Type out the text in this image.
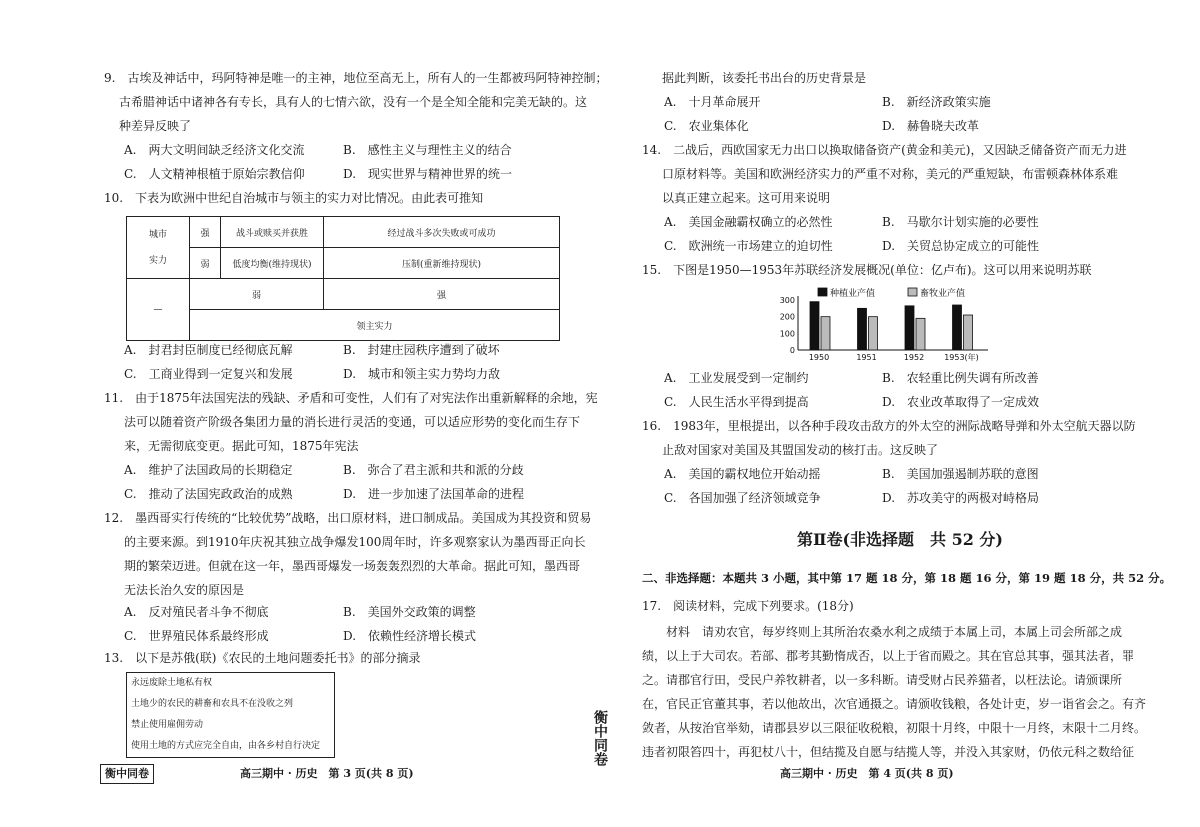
9.　古埃及神话中，玛阿特神是唯一的主神，地位至高无上，所有人的一生都被玛阿特神控制；
古希腊神话中诸神各有专长，具有人的七情六欲，没有一个是全知全能和完美无缺的。这
种差异反映了
A.　两大文明间缺乏经济文化交流	B.　感性主义与理性主义的结合
C.　人文精神根植于原始宗教信仰	D.　现实世界与精神世界的统一
10.　下表为欧洲中世纪自治城市与领主的实力对比情况。由此表可推知
城市
实力	强	战斗或赎买并获胜	经过战斗多次失败或可成功
	弱	低度均衡(维持现状)	压制(重新维持现状)
—	弱		强
	领主实力		
A.　封君封臣制度已经彻底瓦解	B.　封建庄园秩序遭到了破坏
C.　工商业得到一定复兴和发展	D.　城市和领主实力势均力敌
11.　由于1875年法国宪法的残缺、矛盾和可变性，人们有了对宪法作出重新解释的余地，宪
法可以随着资产阶级各集团力量的消长进行灵活的变通，可以适应形势的变化而生存下
来，无需彻底变更。据此可知，1875年宪法
A.　维护了法国政局的长期稳定	B.　弥合了君主派和共和派的分歧
C.　推动了法国宪政政治的成熟	D.　进一步加速了法国革命的进程
12.　墨西哥实行传统的“比较优势”战略，出口原材料，进口制成品。美国成为其投资和贸易
的主要来源。到1910年庆祝其独立战争爆发100周年时，许多观察家认为墨西哥正向长
期的繁荣迈进。但就在这一年，墨西哥爆发一场轰轰烈烈的大革命。据此可知，墨西哥
无法长治久安的原因是
A.　反对殖民者斗争不彻底	B.　美国外交政策的调整
C.　世界殖民体系最终形成	D.　依赖性经济增长模式
13.　以下是苏俄(联)《农民的土地问题委托书》的部分摘录
永远废除土地私有权
土地少的农民的耕畜和农具不在没收之列
禁止使用雇佣劳动
使用土地的方式应完全自由，由各乡村自行决定
衡中同卷	高三期中 · 历史　第 3 页(共 8 页)
衡中同卷
据此判断，该委托书出台的历史背景是
A.　十月革命展开	B.　新经济政策实施
C.　农业集体化	D.　赫鲁晓夫改革
14.　二战后，西欧国家无力出口以换取储备资产(黄金和美元)，又因缺乏储备资产而无力进
口原材料等。美国和欧洲经济实力的严重不对称，美元的严重短缺，布雷顿森林体系难
以真正建立起来。这可用来说明
A.　美国金融霸权确立的必然性	B.　马歇尔计划实施的必要性
C.　欧洲统一市场建立的迫切性	D.　关贸总协定成立的可能性
15.　下图是1950—1953年苏联经济发展概况(单位：亿卢布)。这可以用来说明苏联
种植业产值	畜牧业产值
300
200
100
0
1950	1951	1952	1953(年)
A.　工业发展受到一定制约	B.　农轻重比例失调有所改善
C.　人民生活水平得到提高	D.　农业改革取得了一定成效
16.　1983年，里根提出，以各种手段攻击敌方的外太空的洲际战略导弹和外太空航天器以防
止敌对国家对美国及其盟国发动的核打击。这反映了
A.　美国的霸权地位开始动摇	B.　美国加强遏制苏联的意图
C.　各国加强了经济领域竞争	D.　苏攻美守的两极对峙格局
第Ⅱ卷(非选择题　共 52 分)
二、非选择题：本题共 3 小题，其中第 17 题 18 分，第 18 题 16 分，第 19 题 18 分，共 52 分。
17.　阅读材料，完成下列要求。(18分)
　　材料　请劝农官，每岁终则上其所治农桑水利之成绩于本属上司，本属上司会所部之成
绩，以上于大司农。若部、郡考其勤惰成否，以上于省而殿之。其在官总其事，强其法者，罪
之。请郡官行田，受民户养牧耕者，以一多科断。请受财占民养猫者，以枉法论。请颁课所
在，官民正官董其事，若以他故出，次官通摄之。请颁收钱粮，各处计吏，岁一诣省会之。有齐
敛者，从按治官举劾，请郡县岁以三限征收税粮，初限十月终，中限十一月终，末限十二月终。
违者初限笞四十，再犯杖八十，但结揽及自愿与结揽人等，并没入其家财，仍依元科之数给征
高三期中 · 历史　第 4 页(共 8 页)
